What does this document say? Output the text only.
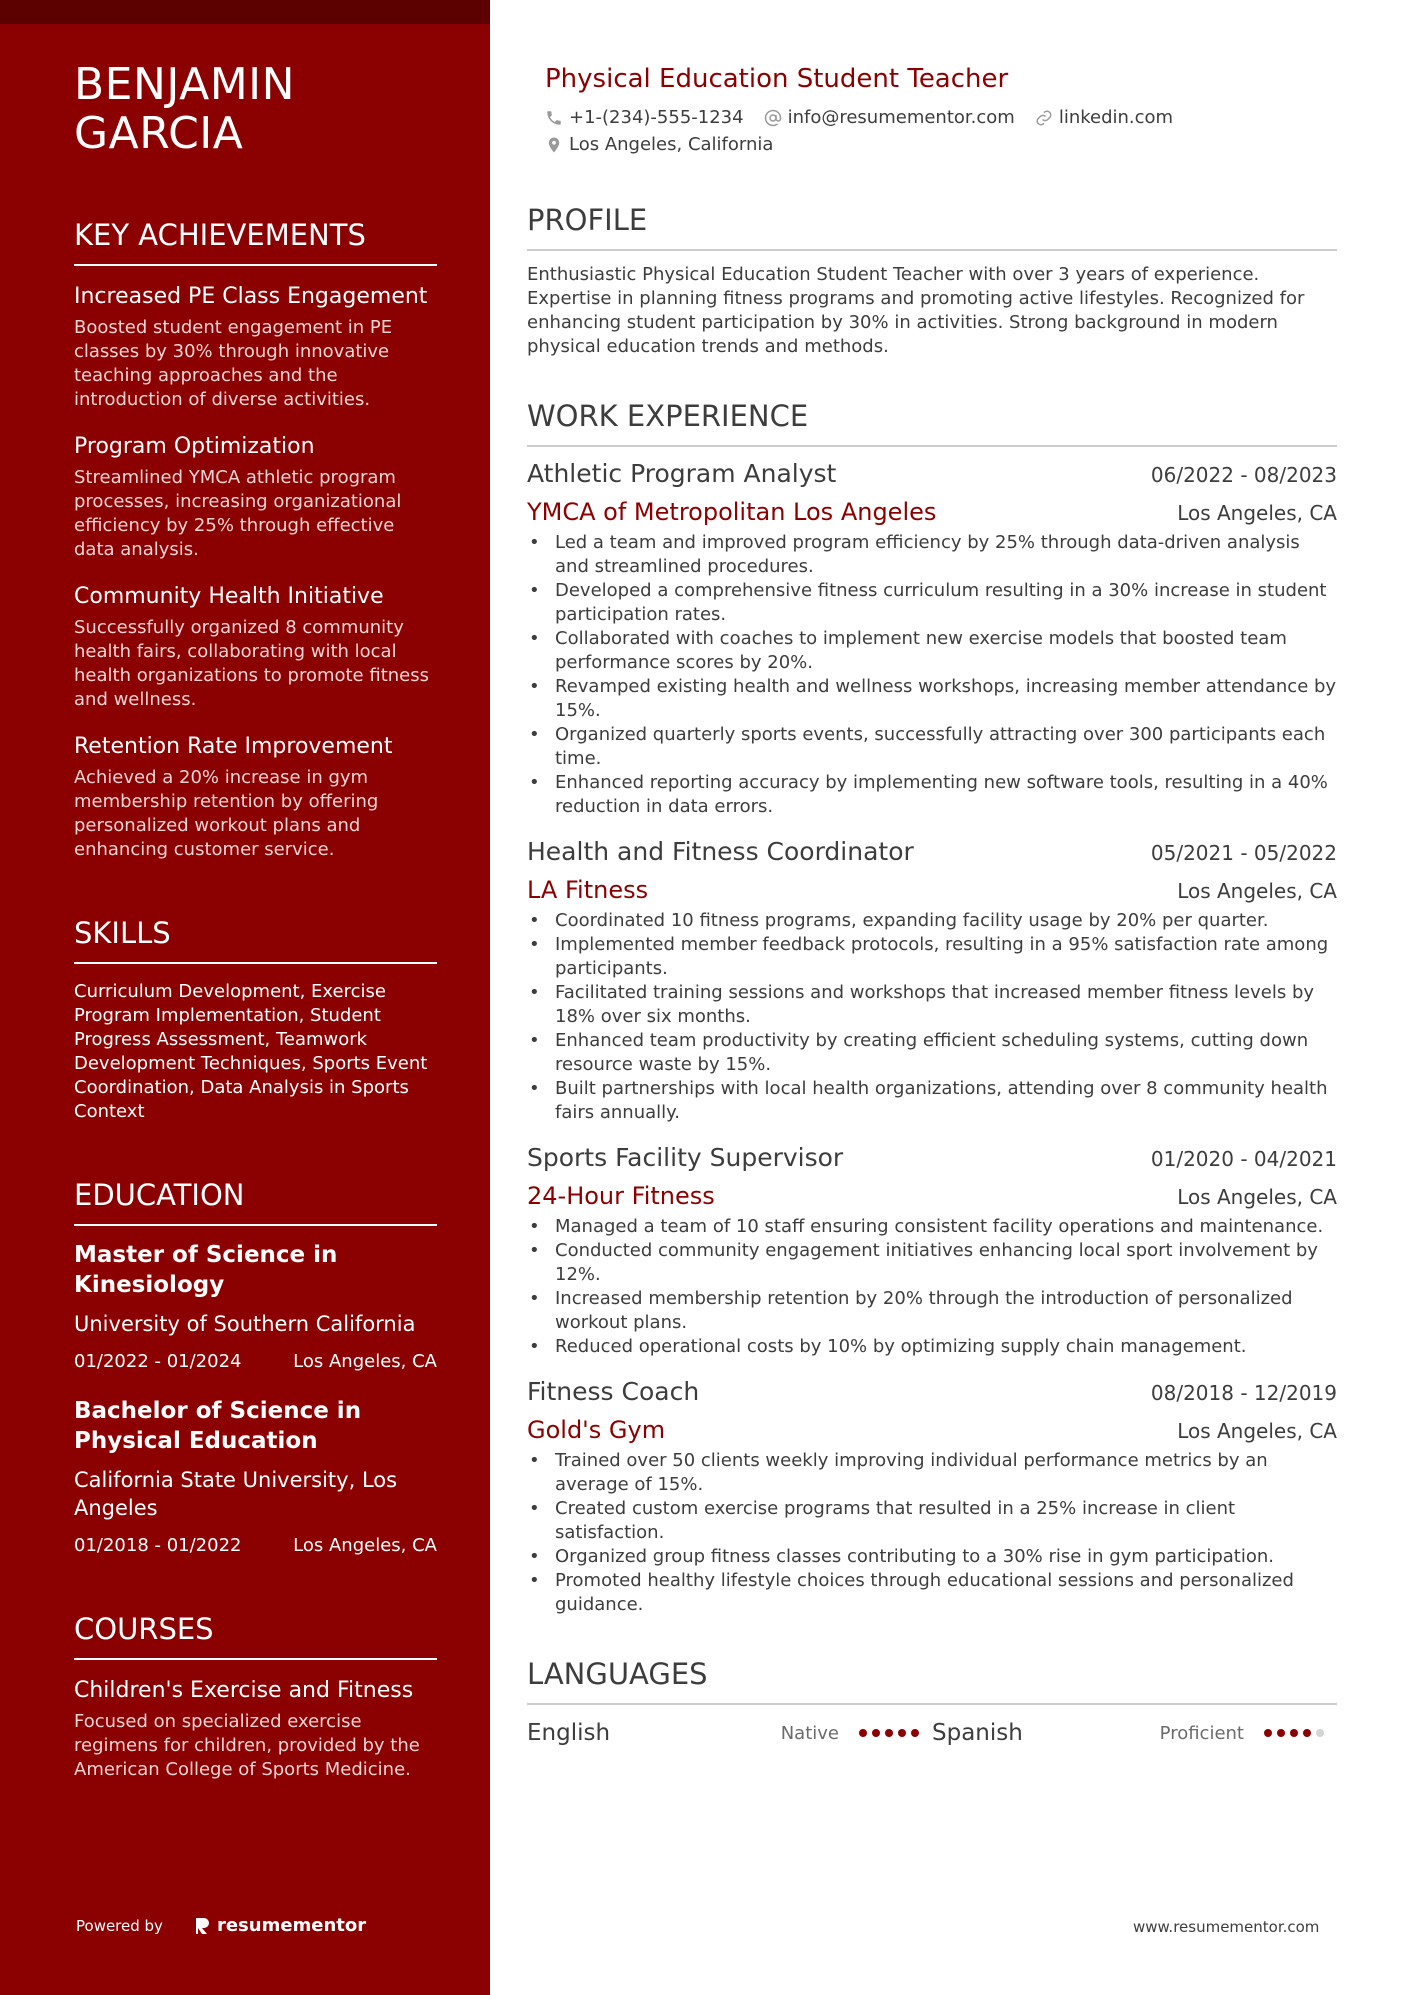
BENJAMIN
GARCIA
KEY ACHIEVEMENTS
Increased PE Class Engagement
Boosted student engagement in PE classes by 30% through innovative teaching approaches and the introduction of diverse activities.
Program Optimization
Streamlined YMCA athletic program processes, increasing organizational efficiency by 25% through effective data analysis.
Community Health Initiative
Successfully organized 8 community health fairs, collaborating with local health organizations to promote fitness and wellness.
Retention Rate Improvement
Achieved a 20% increase in gym membership retention by offering personalized workout plans and enhancing customer service.
SKILLS
Curriculum Development, Exercise Program Implementation, Student Progress Assessment, Teamwork Development Techniques, Sports Event Coordination, Data Analysis in Sports Context
EDUCATION
Master of Science in Kinesiology
University of Southern California
01/2022 - 01/2024	Los Angeles, CA
Bachelor of Science in Physical Education
California State University, Los Angeles
01/2018 - 01/2022	Los Angeles, CA
COURSES
Children's Exercise and Fitness
Focused on specialized exercise regimens for children, provided by the American College of Sports Medicine.
Powered by	resumementor
Physical Education Student Teacher
+1-(234)-555-1234 info@resumementor.com linkedin.com
Los Angeles, California
PROFILE
Enthusiastic Physical Education Student Teacher with over 3 years of experience. Expertise in planning fitness programs and promoting active lifestyles. Recognized for enhancing student participation by 30% in activities. Strong background in modern physical education trends and methods.
WORK EXPERIENCE
Athletic Program Analyst	06/2022 - 08/2023
YMCA of Metropolitan Los Angeles	Los Angeles, CA
• Led a team and improved program efficiency by 25% through data-driven analysis and streamlined procedures.
• Developed a comprehensive fitness curriculum resulting in a 30% increase in student participation rates.
• Collaborated with coaches to implement new exercise models that boosted team performance scores by 20%.
• Revamped existing health and wellness workshops, increasing member attendance by 15%.
• Organized quarterly sports events, successfully attracting over 300 participants each time.
• Enhanced reporting accuracy by implementing new software tools, resulting in a 40% reduction in data errors.
Health and Fitness Coordinator	05/2021 - 05/2022
LA Fitness	Los Angeles, CA
• Coordinated 10 fitness programs, expanding facility usage by 20% per quarter.
• Implemented member feedback protocols, resulting in a 95% satisfaction rate among participants.
• Facilitated training sessions and workshops that increased member fitness levels by 18% over six months.
• Enhanced team productivity by creating efficient scheduling systems, cutting down resource waste by 15%.
• Built partnerships with local health organizations, attending over 8 community health fairs annually.
Sports Facility Supervisor	01/2020 - 04/2021
24-Hour Fitness	Los Angeles, CA
• Managed a team of 10 staff ensuring consistent facility operations and maintenance.
• Conducted community engagement initiatives enhancing local sport involvement by 12%.
• Increased membership retention by 20% through the introduction of personalized workout plans.
• Reduced operational costs by 10% by optimizing supply chain management.
Fitness Coach	08/2018 - 12/2019
Gold's Gym	Los Angeles, CA
• Trained over 50 clients weekly improving individual performance metrics by an average of 15%.
• Created custom exercise programs that resulted in a 25% increase in client satisfaction.
• Organized group fitness classes contributing to a 30% rise in gym participation.
• Promoted healthy lifestyle choices through educational sessions and personalized guidance.
LANGUAGES
English	Native	Spanish	Proficient
www.resumementor.com
